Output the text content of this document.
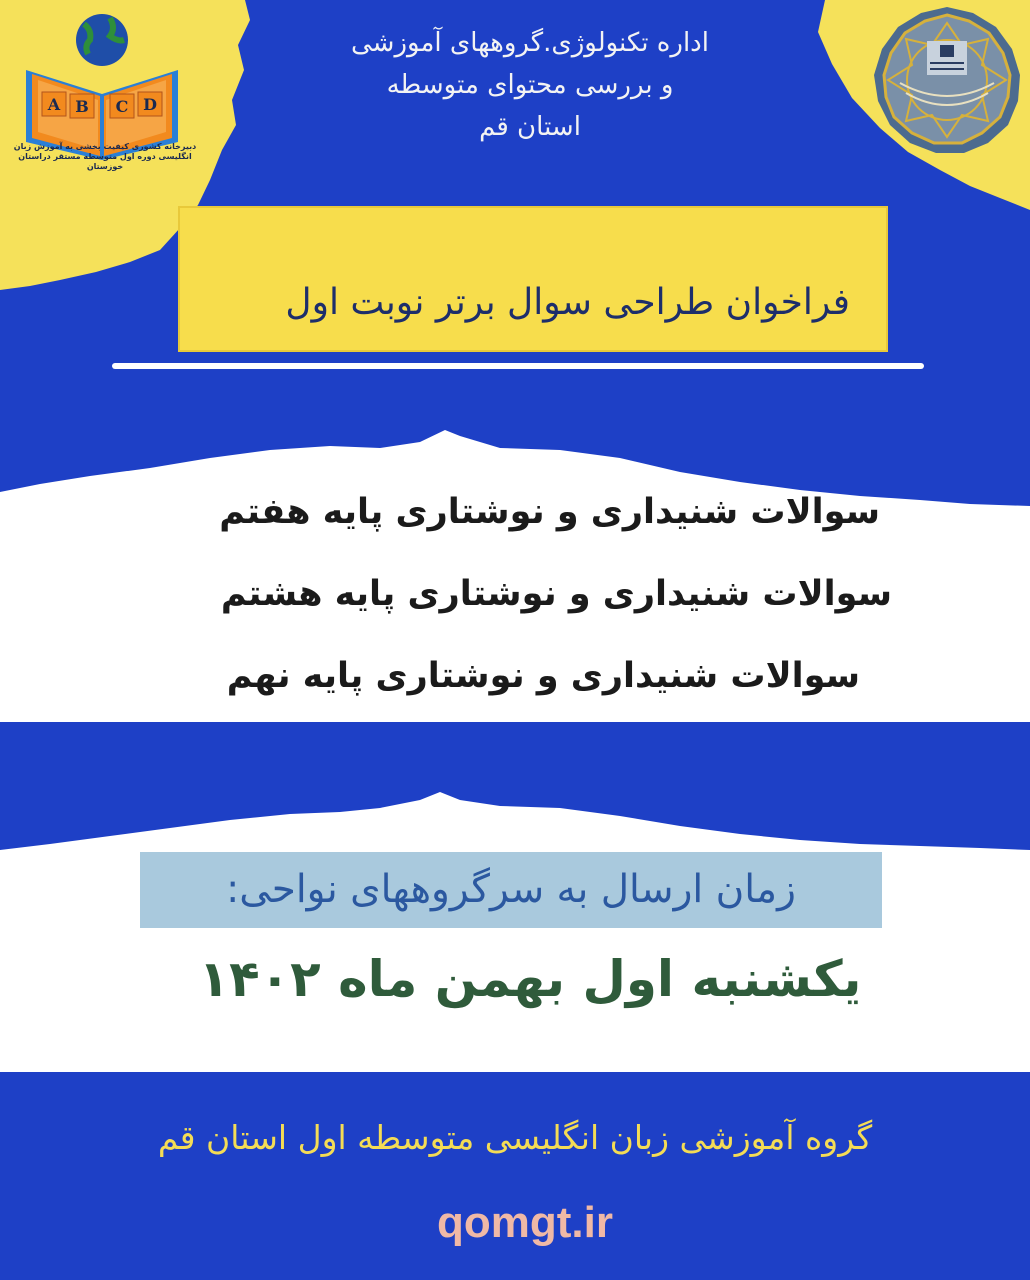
A B C D
دبیرخانه کشوری کیفیت بخشی به آموزش زبان انگلیسی دوره اول متوسطه مستقر دراستان خوزستان
اداره تکنولوژی.گروههای آموزشی
و بررسی محتوای متوسطه
استان قم
فراخوان طراحی سوال برتر نوبت اول
سوالات شنیداری و نوشتاری پایه هفتم
سوالات شنیداری و نوشتاری پایه هشتم
سوالات شنیداری و نوشتاری پایه نهم
زمان ارسال به سرگروههای نواحی:
یکشنبه اول بهمن ماه ۱۴۰۲
گروه آموزشی زبان انگلیسی متوسطه اول استان قم
qomgt.ir
